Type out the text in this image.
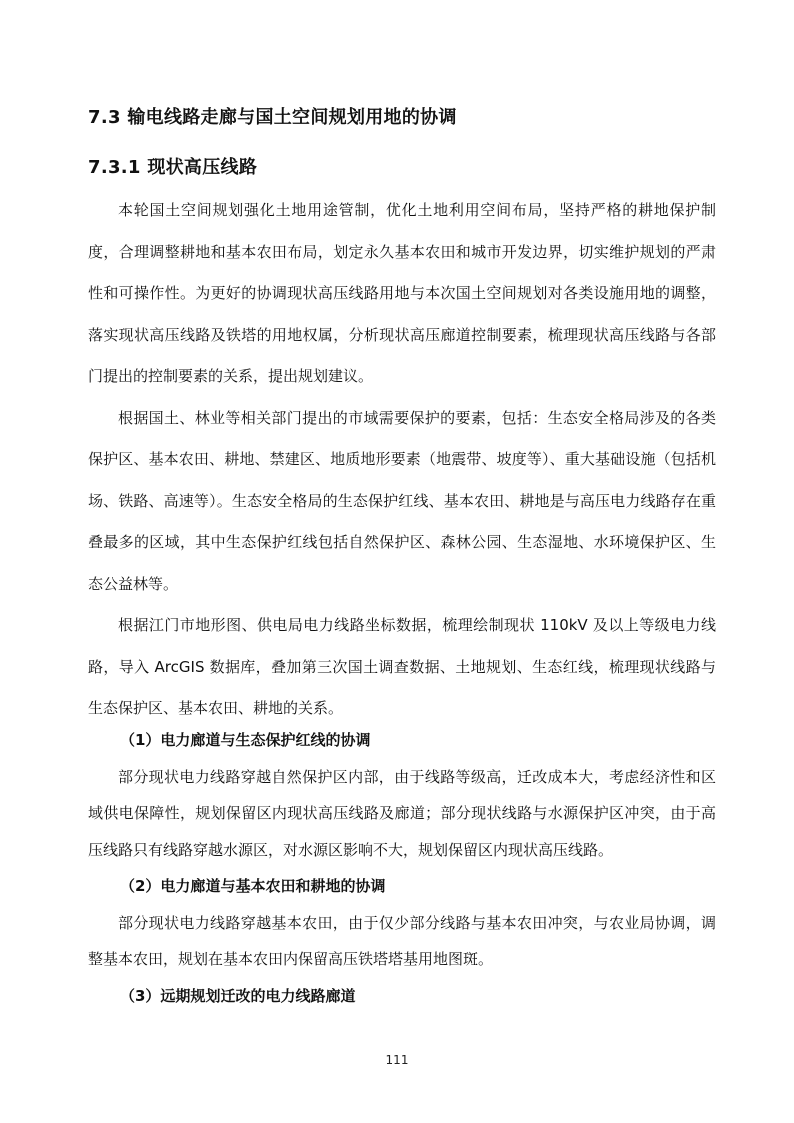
7.3 输电线路走廊与国土空间规划用地的协调
7.3.1 现状高压线路

本轮国土空间规划强化土地用途管制，优化土地利用空间布局，坚持严格的耕地保护制度，合理调整耕地和基本农田布局，划定永久基本农田和城市开发边界，切实维护规划的严肃性和可操作性。为更好的协调现状高压线路用地与本次国土空间规划对各类设施用地的调整，落实现状高压线路及铁塔的用地权属，分析现状高压廊道控制要素，梳理现状高压线路与各部门提出的控制要素的关系，提出规划建议。

根据国土、林业等相关部门提出的市域需要保护的要素，包括：生态安全格局涉及的各类保护区、基本农田、耕地、禁建区、地质地形要素（地震带、坡度等）、重大基础设施（包括机场、铁路、高速等）。生态安全格局的生态保护红线、基本农田、耕地是与高压电力线路存在重叠最多的区域，其中生态保护红线包括自然保护区、森林公园、生态湿地、水环境保护区、生态公益林等。

根据江门市地形图、供电局电力线路坐标数据，梳理绘制现状 110kV 及以上等级电力线路，导入 ArcGIS 数据库，叠加第三次国土调查数据、土地规划、生态红线，梳理现状线路与生态保护区、基本农田、耕地的关系。

（1）电力廊道与生态保护红线的协调

部分现状电力线路穿越自然保护区内部，由于线路等级高，迁改成本大，考虑经济性和区域供电保障性，规划保留区内现状高压线路及廊道；部分现状线路与水源保护区冲突，由于高压线路只有线路穿越水源区，对水源区影响不大，规划保留区内现状高压线路。

（2）电力廊道与基本农田和耕地的协调

部分现状电力线路穿越基本农田，由于仅少部分线路与基本农田冲突，与农业局协调，调整基本农田，规划在基本农田内保留高压铁塔塔基用地图斑。

（3）远期规划迁改的电力线路廊道

111
